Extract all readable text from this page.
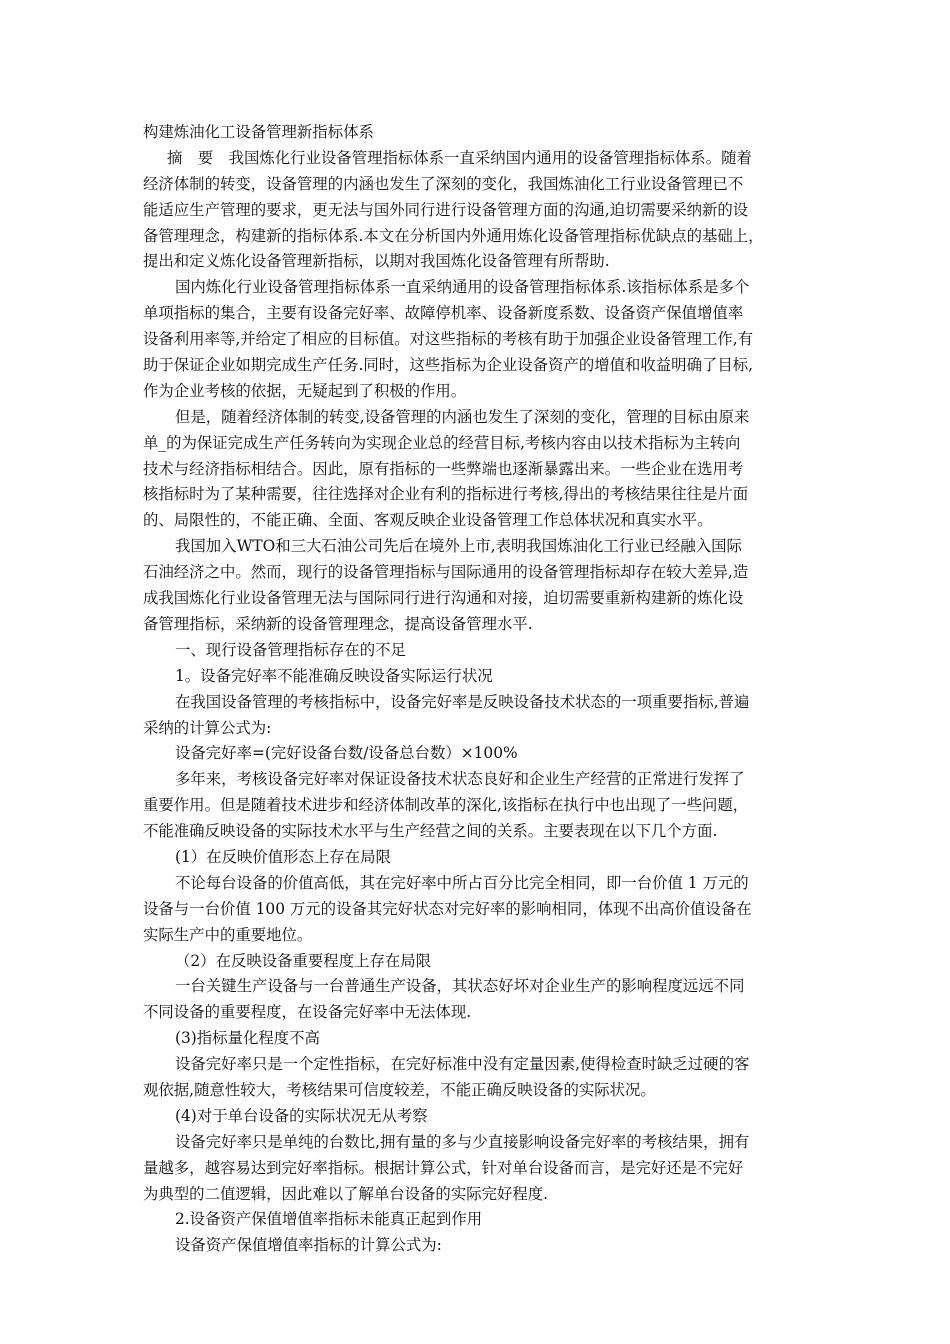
构建炼油化工设备管理新指标体系
摘　要　我国炼化行业设备管理指标体系一直采纳国内通用的设备管理指标体系。随着
经济体制的转变，设备管理的内涵也发生了深刻的变化，我国炼油化工行业设备管理已不
能适应生产管理的要求，更无法与国外同行进行设备管理方面的沟通,迫切需要采纳新的设
备管理理念，构建新的指标体系.本文在分析国内外通用炼化设备管理指标优缺点的基础上，
提出和定义炼化设备管理新指标，以期对我国炼化设备管理有所帮助.
国内炼化行业设备管理指标体系一直采纳通用的设备管理指标体系.该指标体系是多个
单项指标的集合，主要有设备完好率、故障停机率、设备新度系数、设备资产保值增值率
设备利用率等,并给定了相应的目标值。对这些指标的考核有助于加强企业设备管理工作,有
助于保证企业如期完成生产任务.同时，这些指标为企业设备资产的增值和收益明确了目标,
作为企业考核的依据，无疑起到了积极的作用。
但是，随着经济体制的转变,设备管理的内涵也发生了深刻的变化，管理的目标由原来
单_的为保证完成生产任务转向为实现企业总的经营目标,考核内容由以技术指标为主转向
技术与经济指标相结合。因此，原有指标的一些弊端也逐渐暴露出来。一些企业在选用考
核指标时为了某种需要，往往选择对企业有利的指标进行考核,得出的考核结果往往是片面
的、局限性的，不能正确、全面、客观反映企业设备管理工作总体状况和真实水平。
我国加入WTO和三大石油公司先后在境外上市,表明我国炼油化工行业已经融入国际
石油经济之中。然而，现行的设备管理指标与国际通用的设备管理指标却存在较大差异,造
成我国炼化行业设备管理无法与国际同行进行沟通和对接，迫切需要重新构建新的炼化设
备管理指标，采纳新的设备管理理念，提高设备管理水平.
一、现行设备管理指标存在的不足
1。设备完好率不能准确反映设备实际运行状况
在我国设备管理的考核指标中，设备完好率是反映设备技术状态的一项重要指标,普遍
采纳的计算公式为:
设备完好率=(完好设备台数/设备总台数）×100%
多年来，考核设备完好率对保证设备技术状态良好和企业生产经营的正常进行发挥了
重要作用。但是随着技术进步和经济体制改革的深化,该指标在执行中也出现了一些问题，
不能准确反映设备的实际技术水平与生产经营之间的关系。主要表现在以下几个方面.
(1）在反映价值形态上存在局限
不论每台设备的价值高低，其在完好率中所占百分比完全相同，即一台价值 1 万元的
设备与一台价值 100 万元的设备其完好状态对完好率的影响相同，体现不出高价值设备在
实际生产中的重要地位。
（2）在反映设备重要程度上存在局限
一台关键生产设备与一台普通生产设备，其状态好坏对企业生产的影响程度远远不同
不同设备的重要程度，在设备完好率中无法体现.
(3)指标量化程度不高
设备完好率只是一个定性指标，在完好标准中没有定量因素,使得检查时缺乏过硬的客
观依据,随意性较大，考核结果可信度较差，不能正确反映设备的实际状况。
(4)对于单台设备的实际状况无从考察
设备完好率只是单纯的台数比,拥有量的多与少直接影响设备完好率的考核结果，拥有
量越多，越容易达到完好率指标。根据计算公式，针对单台设备而言，是完好还是不完好
为典型的二值逻辑，因此难以了解单台设备的实际完好程度.
2.设备资产保值增值率指标未能真正起到作用
设备资产保值增值率指标的计算公式为:
